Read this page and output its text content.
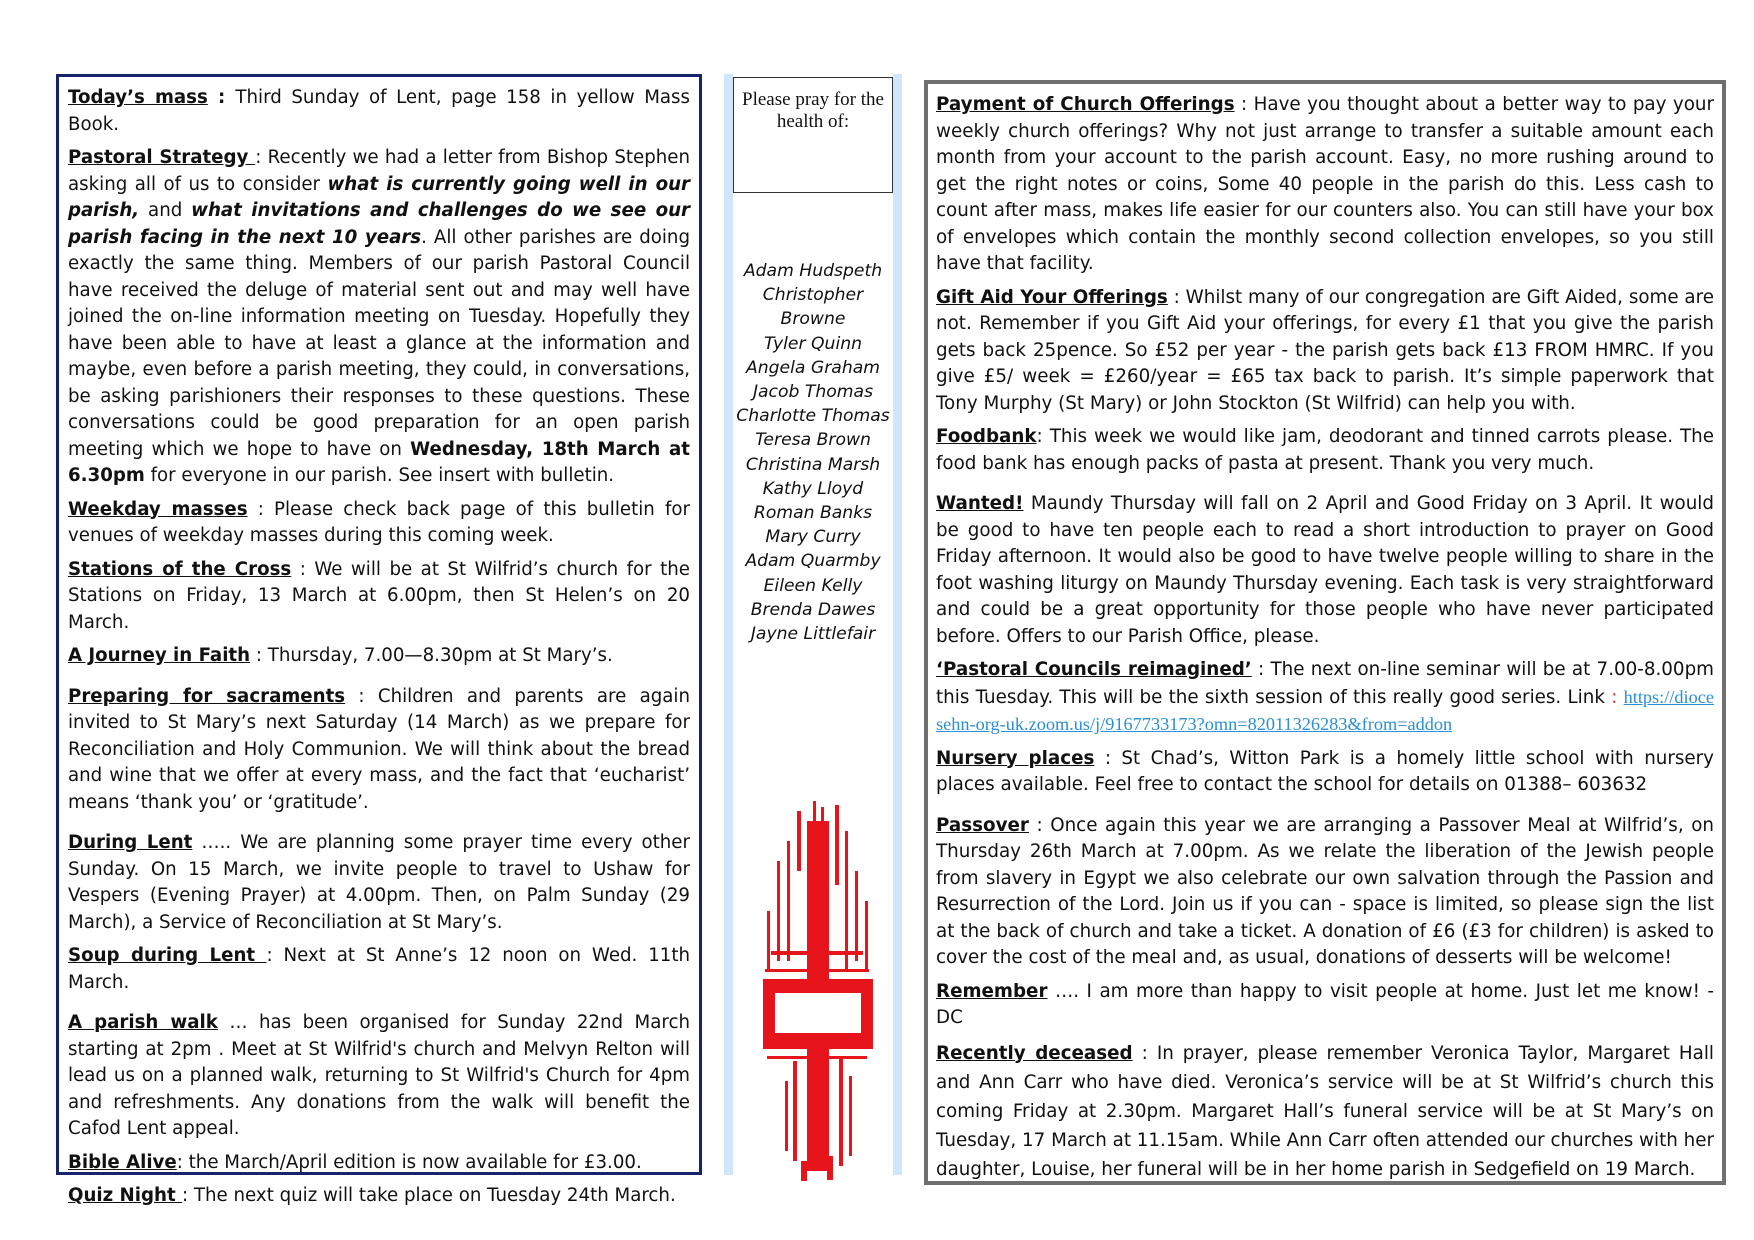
Today’s mass : Third Sunday of Lent, page 158 in yellow Mass Book.

Pastoral Strategy : Recently we had a letter from Bishop Stephen asking all of us to consider what is currently going well in our parish, and what invitations and challenges do we see our parish facing in the next 10 years. All other parishes are doing exactly the same thing. Members of our parish Pastoral Council have received the deluge of material sent out and may well have joined the on-line information meeting on Tuesday. Hopefully they have been able to have at least a glance at the information and maybe, even before a parish meeting, they could, in conversations, be asking parishioners their responses to these questions. These conversations could be good preparation for an open parish meeting which we hope to have on Wednesday, 18th March at 6.30pm for everyone in our parish. See insert with bulletin.

Weekday masses : Please check back page of this bulletin for venues of weekday masses during this coming week.

Stations of the Cross : We will be at St Wilfrid’s church for the Stations on Friday, 13 March at 6.00pm, then St Helen’s on 20 March.

A Journey in Faith : Thursday, 7.00—8.30pm at St Mary’s.

Preparing for sacraments : Children and parents are again invited to St Mary’s next Saturday (14 March) as we prepare for Reconciliation and Holy Communion. We will think about the bread and wine that we offer at every mass, and the fact that ‘eucharist’ means ‘thank you’ or ‘gratitude’.

During Lent ….. We are planning some prayer time every other Sunday. On 15 March, we invite people to travel to Ushaw for Vespers (Evening Prayer) at 4.00pm. Then, on Palm Sunday (29 March), a Service of Reconciliation at St Mary’s.

Soup during Lent : Next at St Anne’s 12 noon on Wed. 11th March.

A parish walk … has been organised for Sunday 22nd March starting at 2pm . Meet at St Wilfrid's church and Melvyn Relton will lead us on a planned walk, returning to St Wilfrid's Church for 4pm and refreshments. Any donations from the walk will benefit the Cafod Lent appeal.

Bible Alive: the March/April edition is now available for £3.00.

Quiz Night : The next quiz will take place on Tuesday 24th March.

Please pray for the health of:
Adam Hudspeth
Christopher Browne
Tyler Quinn
Angela Graham
Jacob Thomas
Charlotte Thomas
Teresa Brown
Christina Marsh
Kathy Lloyd
Roman Banks
Mary Curry
Adam Quarmby
Eileen Kelly
Brenda Dawes
Jayne Littlefair

Payment of Church Offerings : Have you thought about a better way to pay your weekly church offerings? Why not just arrange to transfer a suitable amount each month from your account to the parish account. Easy, no more rushing around to get the right notes or coins, Some 40 people in the parish do this. Less cash to count after mass, makes life easier for our counters also. You can still have your box of envelopes which contain the monthly second collection envelopes, so you still have that facility.

Gift Aid Your Offerings : Whilst many of our congregation are Gift Aided, some are not. Remember if you Gift Aid your offerings, for every £1 that you give the parish gets back 25pence. So £52 per year - the parish gets back £13 FROM HMRC. If you give £5/ week = £260/year = £65 tax back to parish. It’s simple paperwork that Tony Murphy (St Mary) or John Stockton (St Wilfrid) can help you with.

Foodbank: This week we would like jam, deodorant and tinned carrots please. The food bank has enough packs of pasta at present. Thank you very much.

Wanted! Maundy Thursday will fall on 2 April and Good Friday on 3 April. It would be good to have ten people each to read a short introduction to prayer on Good Friday afternoon. It would also be good to have twelve people willing to share in the foot washing liturgy on Maundy Thursday evening. Each task is very straightforward and could be a great opportunity for those people who have never participated before. Offers to our Parish Office, please.

‘Pastoral Councils reimagined’ : The next on-line seminar will be at 7.00-8.00pm this Tuesday. This will be the sixth session of this really good series. Link : https://diocesehn-org-uk.zoom.us/j/9167733173?omn=82011326283&from=addon

Nursery places : St Chad’s, Witton Park is a homely little school with nursery places available. Feel free to contact the school for details on 01388– 603632

Passover : Once again this year we are arranging a Passover Meal at Wilfrid’s, on Thursday 26th March at 7.00pm. As we relate the liberation of the Jewish people from slavery in Egypt we also celebrate our own salvation through the Passion and Resurrection of the Lord. Join us if you can - space is limited, so please sign the list at the back of church and take a ticket. A donation of £6 (£3 for children) is asked to cover the cost of the meal and, as usual, donations of desserts will be welcome!

Remember …. I am more than happy to visit people at home. Just let me know! - DC

Recently deceased : In prayer, please remember Veronica Taylor, Margaret Hall and Ann Carr who have died. Veronica’s service will be at St Wilfrid’s church this coming Friday at 2.30pm. Margaret Hall’s funeral service will be at St Mary’s on Tuesday, 17 March at 11.15am. While Ann Carr often attended our churches with her daughter, Louise, her funeral will be in her home parish in Sedgefield on 19 March.
